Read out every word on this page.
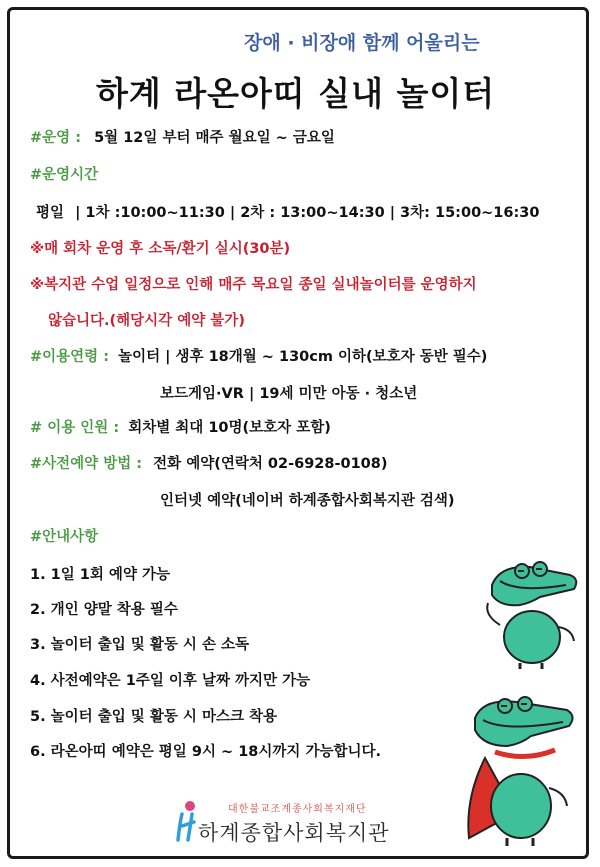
장애 · 비장애 함께 어울리는
하계 라온아띠 실내 놀이터
#운영 : 5월 12일 부터 매주 월요일 ~ 금요일
#운영시간
평일 | 1차 :10:00~11:30 | 2차 : 13:00~14:30 | 3차: 15:00~16:30
※매 회차 운영 후 소독/환기 실시(30분)
※복지관 수업 일정으로 인해 매주 목요일 종일 실내놀이터를 운영하지
않습니다.(해당시각 예약 불가)
#이용연령 : 놀이터 | 생후 18개월 ~ 130cm 이하(보호자 동반 필수)
보드게임·VR | 19세 미만 아동 · 청소년
# 이용 인원 : 회차별 최대 10명(보호자 포함)
#사전예약 방법 : 전화 예약(연락처 02-6928-0108)
인터넷 예약(네이버 하계종합사회복지관 검색)
#안내사항
1. 1일 1회 예약 가능
2. 개인 양말 착용 필수
3. 놀이터 출입 및 활동 시 손 소독
4. 사전예약은 1주일 이후 날짜 까지만 가능
5. 놀이터 출입 및 활동 시 마스크 착용
6. 라온아띠 예약은 평일 9시 ~ 18시까지 가능합니다.
대한불교조계종사회복지재단
하계종합사회복지관
